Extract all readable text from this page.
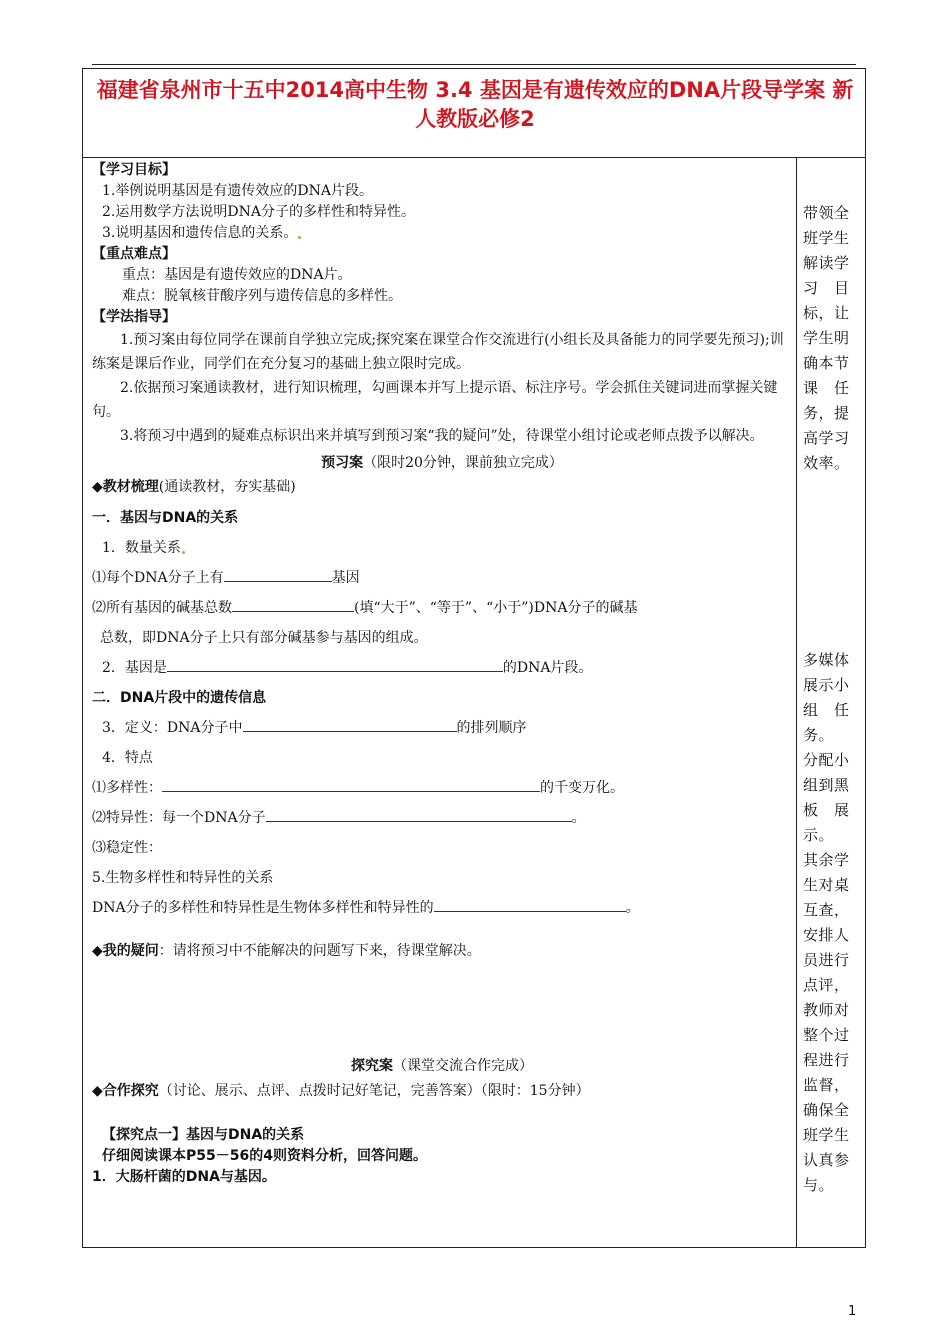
福建省泉州市十五中2014高中生物 3.4 基因是有遗传效应的DNA片段导学案 新人教版必修2

【学习目标】

1.举例说明基因是有遗传效应的DNA片段。

2.运用数学方法说明DNA分子的多样性和特异性。

3.说明基因和遗传信息的关系。

【重点难点】

重点：基因是有遗传效应的DNA片。

难点：脱氧核苷酸序列与遗传信息的多样性。

【学法指导】

1.预习案由每位同学在课前自学独立完成;探究案在课堂合作交流进行(小组长及具备能力的同学要先预习);训练案是课后作业，同学们在充分复习的基础上独立限时完成。

2.依据预习案通读教材，进行知识梳理，勾画课本并写上提示语、标注序号。学会抓住关键词进而掌握关键句。

3.将预习中遇到的疑难点标识出来并填写到预习案“我的疑问”处，待课堂小组讨论或老师点拨予以解决。

预习案（限时20分钟，课前独立完成）

◆教材梳理(通读教材，夯实基础)

一．基因与DNA的关系

1．数量关系

⑴每个DNA分子上有	基因

⑵所有基因的碱基总数	(填“大于”、“等于”、“小于”)DNA分子的碱基

总数，即DNA分子上只有部分碱基参与基因的组成。

2．基因是	的DNA片段。

二．DNA片段中的遗传信息

3．定义：DNA分子中	的排列顺序

4．特点

⑴多样性：	的千变万化。

⑵特异性：每一个DNA分子	。

⑶稳定性：

5.生物多样性和特异性的关系

DNA分子的多样性和特异性是生物体多样性和特异性的	。

◆我的疑问：请将预习中不能解决的问题写下来，待课堂解决。

探究案（课堂交流合作完成）

◆合作探究（讨论、展示、点评、点拨时记好笔记，完善答案）（限时：15分钟）

【探究点一】基因与DNA的关系

仔细阅读课本P55－56的4则资料分析，回答问题。

1．大肠杆菌的DNA与基因。

带领全

班学生

解读学

习　目

标，让

学生明

确本节

课　任

务，提

高学习

效率。

多媒体

展示小

组　任

务。

分配小

组到黑

板　展

示。

其余学

生对桌

互查，

安排人

员进行

点评，

教师对

整个过

程进行

监督，

确保全

班学生

认真参

与。

1
